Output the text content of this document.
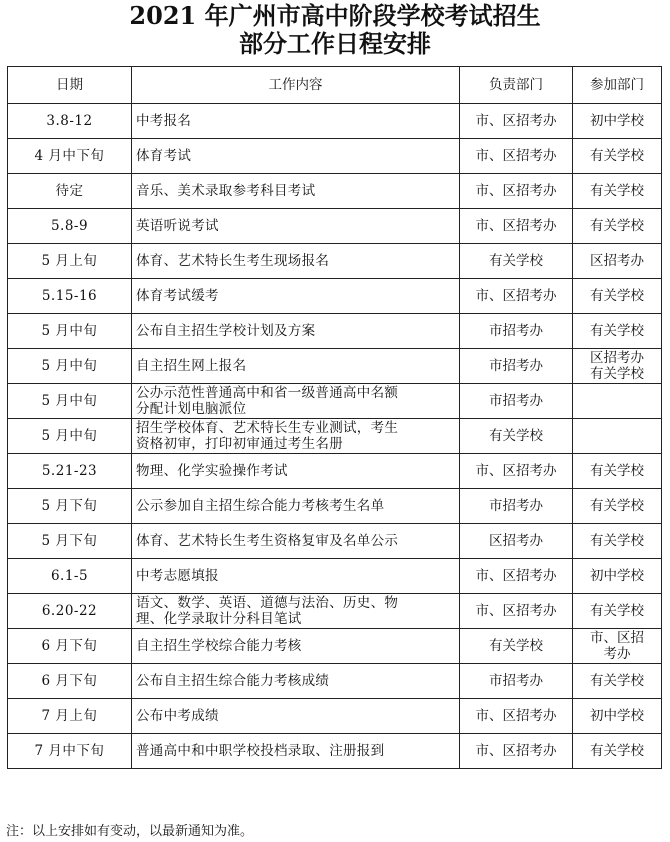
2021 年广州市高中阶段学校考试招生
部分工作日程安排
日期	工作内容	负责部门	参加部门
3.8-12	中考报名	市、区招考办	初中学校
4 月中下旬	体育考试	市、区招考办	有关学校
待定	音乐、美术录取参考科目考试	市、区招考办	有关学校
5.8-9	英语听说考试	市、区招考办	有关学校
5 月上旬	体育、艺术特长生考生现场报名	有关学校	区招考办
5.15-16	体育考试缓考	市、区招考办	有关学校
5 月中旬	公布自主招生学校计划及方案	市招考办	有关学校
5 月中旬	自主招生网上报名	市招考办	区招考办
有关学校
5 月中旬	公办示范性普通高中和省一级普通高中名额
分配计划电脑派位	市招考办	
5 月中旬	招生学校体育、艺术特长生专业测试，考生
资格初审，打印初审通过考生名册	有关学校	
5.21-23	物理、化学实验操作考试	市、区招考办	有关学校
5 月下旬	公示参加自主招生综合能力考核考生名单	市招考办	有关学校
5 月下旬	体育、艺术特长生考生资格复审及名单公示	区招考办	有关学校
6.1-5	中考志愿填报	市、区招考办	初中学校
6.20-22	语文、数学、英语、道德与法治、历史、物
理、化学录取计分科目笔试	市、区招考办	有关学校
6 月下旬	自主招生学校综合能力考核	有关学校	市、区招
考办
6 月下旬	公布自主招生综合能力考核成绩	市招考办	有关学校
7 月上旬	公布中考成绩	市、区招考办	初中学校
7 月中下旬	普通高中和中职学校投档录取、注册报到	市、区招考办	有关学校
注：以上安排如有变动，以最新通知为准。
